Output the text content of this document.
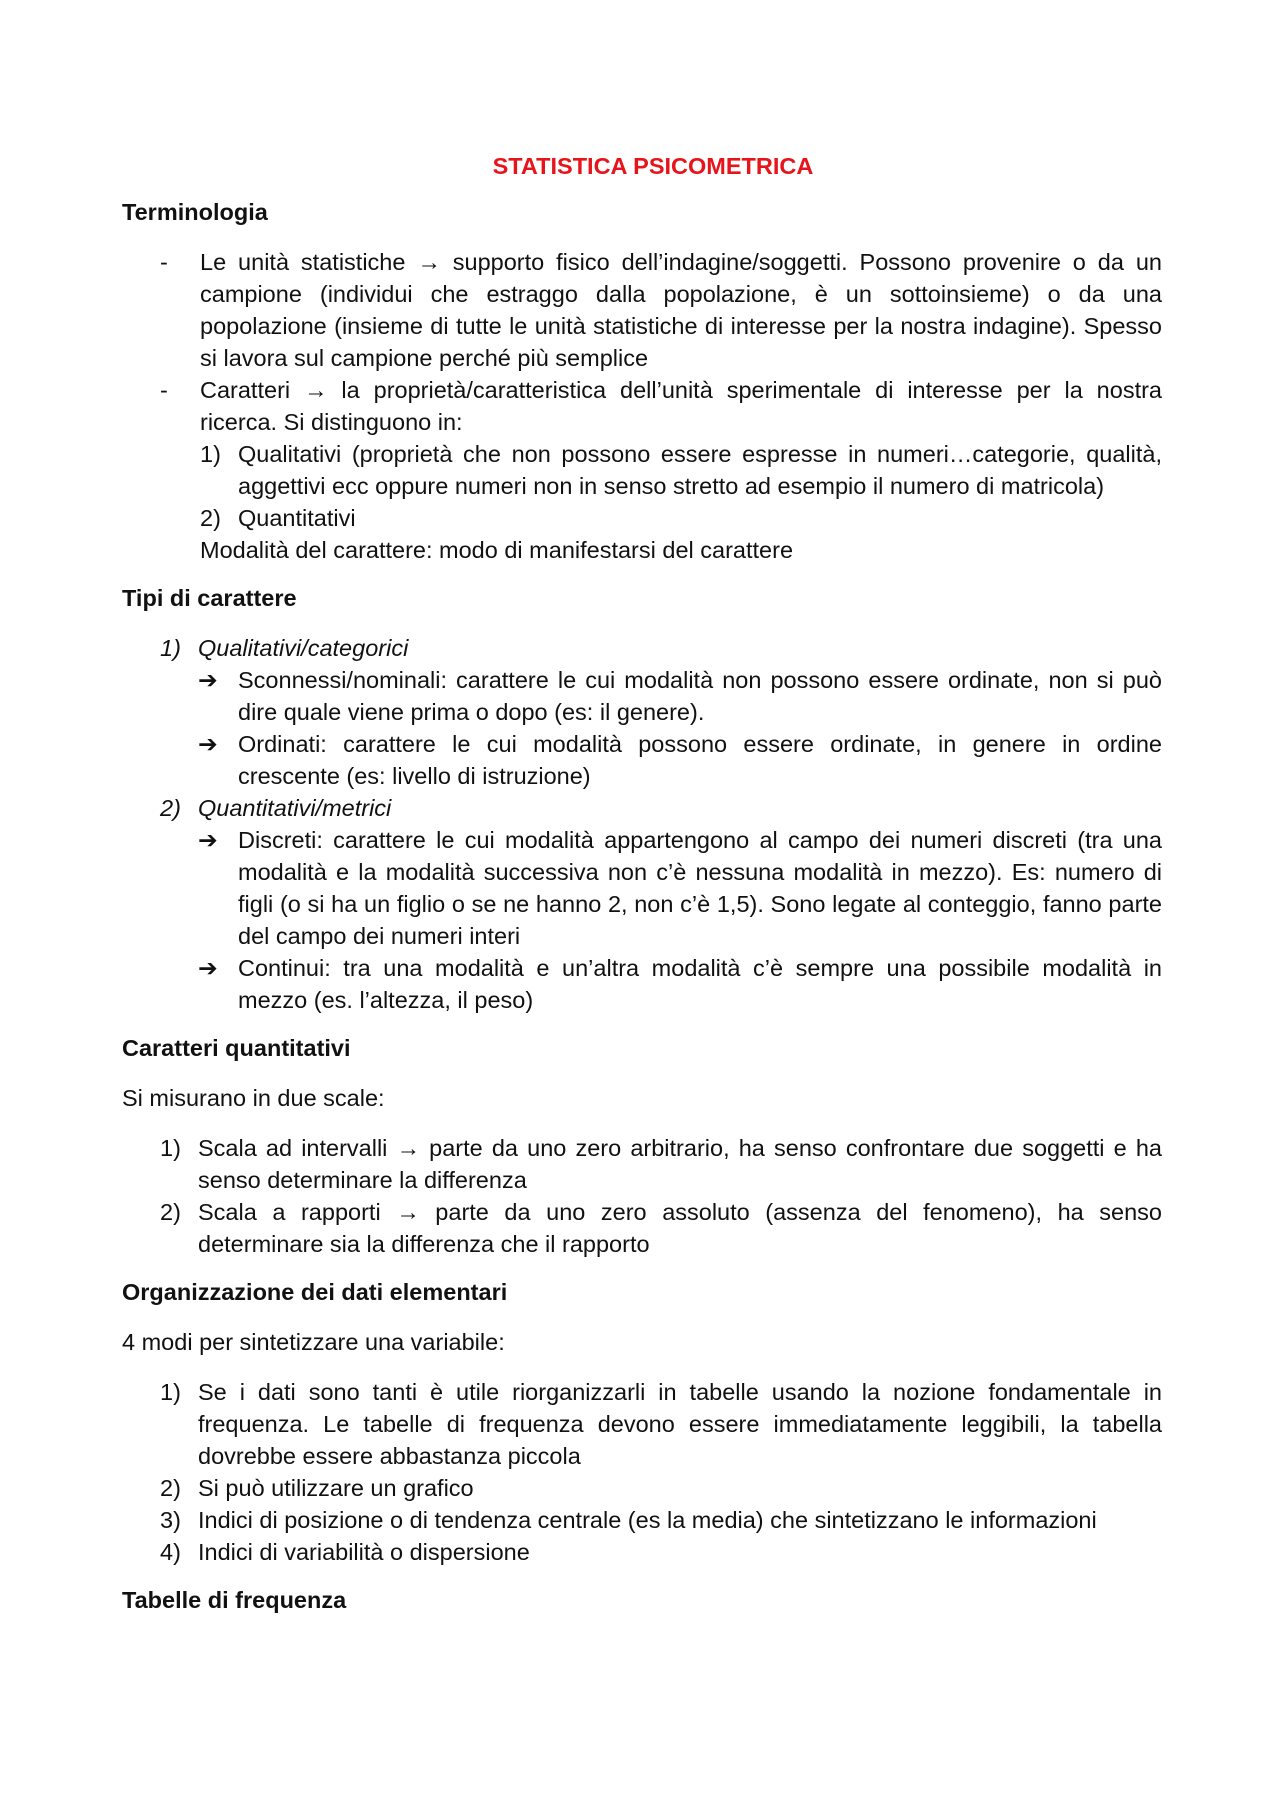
STATISTICA PSICOMETRICA
Terminologia
-	Le unità statistiche → supporto fisico dell’indagine/soggetti. Possono provenire o da un campione (individui che estraggo dalla popolazione, è un sottoinsieme) o da una popolazione (insieme di tutte le unità statistiche di interesse per la nostra indagine). Spesso si lavora sul campione perché più semplice
-	Caratteri → la proprietà/caratteristica dell’unità sperimentale di interesse per la nostra ricerca. Si distinguono in:
1) Qualitativi (proprietà che non possono essere espresse in numeri…categorie, qualità, aggettivi ecc oppure numeri non in senso stretto ad esempio il numero di matricola)
2) Quantitativi
Modalità del carattere: modo di manifestarsi del carattere
Tipi di carattere
1) Qualitativi/categorici
➔ Sconnessi/nominali: carattere le cui modalità non possono essere ordinate, non si può dire quale viene prima o dopo (es: il genere).
➔ Ordinati: carattere le cui modalità possono essere ordinate, in genere in ordine crescente (es: livello di istruzione)
2) Quantitativi/metrici
➔ Discreti: carattere le cui modalità appartengono al campo dei numeri discreti (tra una modalità e la modalità successiva non c’è nessuna modalità in mezzo). Es: numero di figli (o si ha un figlio o se ne hanno 2, non c’è 1,5). Sono legate al conteggio, fanno parte del campo dei numeri interi
➔ Continui: tra una modalità e un’altra modalità c’è sempre una possibile modalità in mezzo (es. l’altezza, il peso)
Caratteri quantitativi
Si misurano in due scale:
1) Scala ad intervalli → parte da uno zero arbitrario, ha senso confrontare due soggetti e ha senso determinare la differenza
2) Scala a rapporti → parte da uno zero assoluto (assenza del fenomeno), ha senso determinare sia la differenza che il rapporto
Organizzazione dei dati elementari
4 modi per sintetizzare una variabile:
1) Se i dati sono tanti è utile riorganizzarli in tabelle usando la nozione fondamentale in frequenza. Le tabelle di frequenza devono essere immediatamente leggibili, la tabella dovrebbe essere abbastanza piccola
2) Si può utilizzare un grafico
3) Indici di posizione o di tendenza centrale (es la media) che sintetizzano le informazioni
4) Indici di variabilità o dispersione
Tabelle di frequenza
